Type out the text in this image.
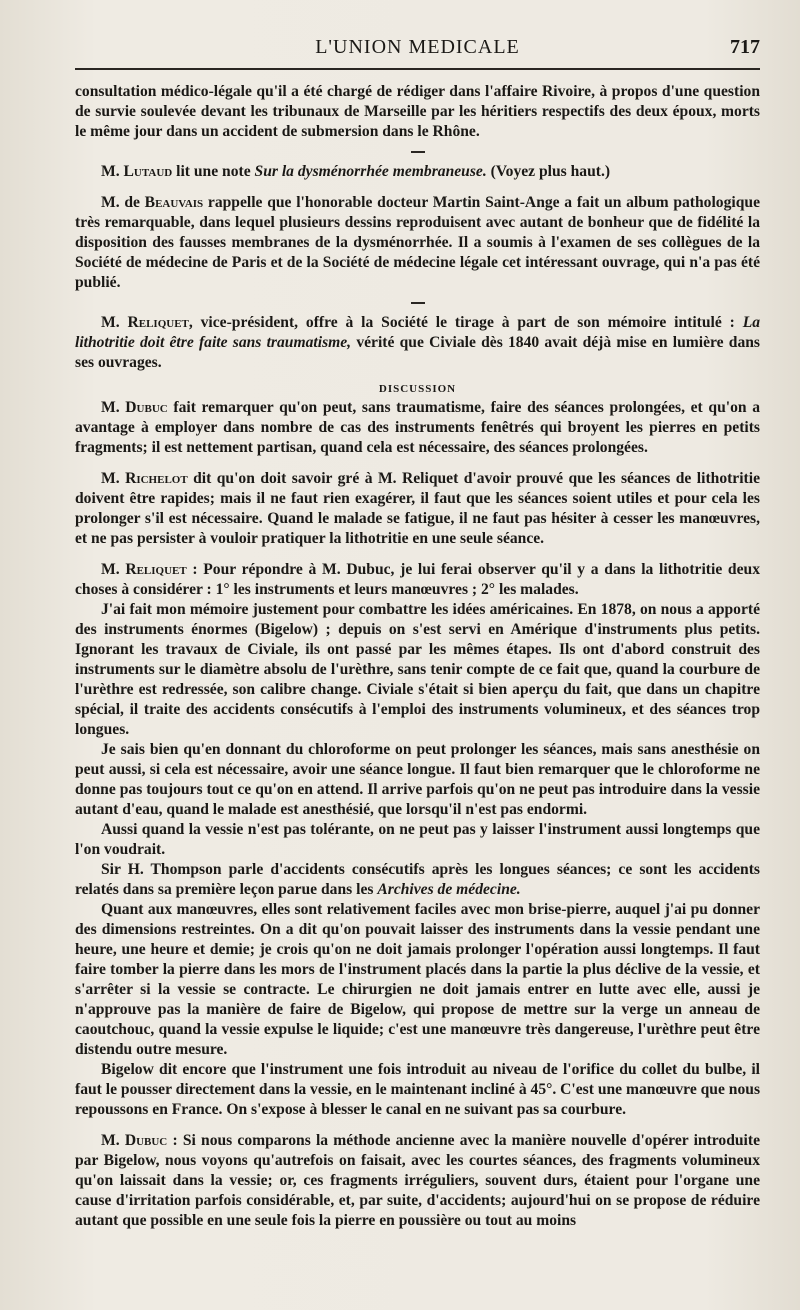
L'UNION MEDICALE	717

consultation médico-légale qu'il a été chargé de rédiger dans l'affaire Rivoire, à propos d'une question de survie soulevée devant les tribunaux de Marseille par les héritiers respectifs des deux époux, morts le même jour dans un accident de submersion dans le Rhône.

M. Lutaud lit une note Sur la dysménorrhée membraneuse. (Voyez plus haut.)

M. de Beauvais rappelle que l'honorable docteur Martin Saint-Ange a fait un album pathologique très remarquable, dans lequel plusieurs dessins reproduisent avec autant de bonheur que de fidélité la disposition des fausses membranes de la dysménorrhée. Il a soumis à l'examen de ses collègues de la Société de médecine de Paris et de la Société de médecine légale cet intéressant ouvrage, qui n'a pas été publié.

M. Reliquet, vice-président, offre à la Société le tirage à part de son mémoire intitulé : La lithotritie doit être faite sans traumatisme, vérité que Civiale dès 1840 avait déjà mise en lumière dans ses ouvrages.

DISCUSSION

M. Dubuc fait remarquer qu'on peut, sans traumatisme, faire des séances prolongées, et qu'on a avantage à employer dans nombre de cas des instruments fenêtrés qui broyent les pierres en petits fragments; il est nettement partisan, quand cela est nécessaire, des séances prolongées.

M. Richelot dit qu'on doit savoir gré à M. Reliquet d'avoir prouvé que les séances de lithotritie doivent être rapides; mais il ne faut rien exagérer, il faut que les séances soient utiles et pour cela les prolonger s'il est nécessaire. Quand le malade se fatigue, il ne faut pas hésiter à cesser les manœuvres, et ne pas persister à vouloir pratiquer la lithotritie en une seule séance.

M. Reliquet : Pour répondre à M. Dubuc, je lui ferai observer qu'il y a dans la lithotritie deux choses à considérer : 1° les instruments et leurs manœuvres ; 2° les malades.

J'ai fait mon mémoire justement pour combattre les idées américaines. En 1878, on nous a apporté des instruments énormes (Bigelow) ; depuis on s'est servi en Amérique d'instruments plus petits. Ignorant les travaux de Civiale, ils ont passé par les mêmes étapes. Ils ont d'abord construit des instruments sur le diamètre absolu de l'urèthre, sans tenir compte de ce fait que, quand la courbure de l'urèthre est redressée, son calibre change. Civiale s'était si bien aperçu du fait, que dans un chapitre spécial, il traite des accidents consécutifs à l'emploi des instruments volumineux, et des séances trop longues.

Je sais bien qu'en donnant du chloroforme on peut prolonger les séances, mais sans anesthésie on peut aussi, si cela est nécessaire, avoir une séance longue. Il faut bien remarquer que le chloroforme ne donne pas toujours tout ce qu'on en attend. Il arrive parfois qu'on ne peut pas introduire dans la vessie autant d'eau, quand le malade est anesthésié, que lorsqu'il n'est pas endormi.

Aussi quand la vessie n'est pas tolérante, on ne peut pas y laisser l'instrument aussi longtemps que l'on voudrait.

Sir H. Thompson parle d'accidents consécutifs après les longues séances; ce sont les accidents relatés dans sa première leçon parue dans les Archives de médecine.

Quant aux manœuvres, elles sont relativement faciles avec mon brise-pierre, auquel j'ai pu donner des dimensions restreintes. On a dit qu'on pouvait laisser des instruments dans la vessie pendant une heure, une heure et demie; je crois qu'on ne doit jamais prolonger l'opération aussi longtemps. Il faut faire tomber la pierre dans les mors de l'instrument placés dans la partie la plus déclive de la vessie, et s'arrêter si la vessie se contracte. Le chirurgien ne doit jamais entrer en lutte avec elle, aussi je n'approuve pas la manière de faire de Bigelow, qui propose de mettre sur la verge un anneau de caoutchouc, quand la vessie expulse le liquide; c'est une manœuvre très dangereuse, l'urèthre peut être distendu outre mesure.

Bigelow dit encore que l'instrument une fois introduit au niveau de l'orifice du collet du bulbe, il faut le pousser directement dans la vessie, en le maintenant incliné à 45°. C'est une manœuvre que nous repoussons en France. On s'expose à blesser le canal en ne suivant pas sa courbure.

M. Dubuc : Si nous comparons la méthode ancienne avec la manière nouvelle d'opérer introduite par Bigelow, nous voyons qu'autrefois on faisait, avec les courtes séances, des fragments volumineux qu'on laissait dans la vessie; or, ces fragments irréguliers, souvent durs, étaient pour l'organe une cause d'irritation parfois considérable, et, par suite, d'accidents; aujourd'hui on se propose de réduire autant que possible en une seule fois la pierre en poussière ou tout au moins
